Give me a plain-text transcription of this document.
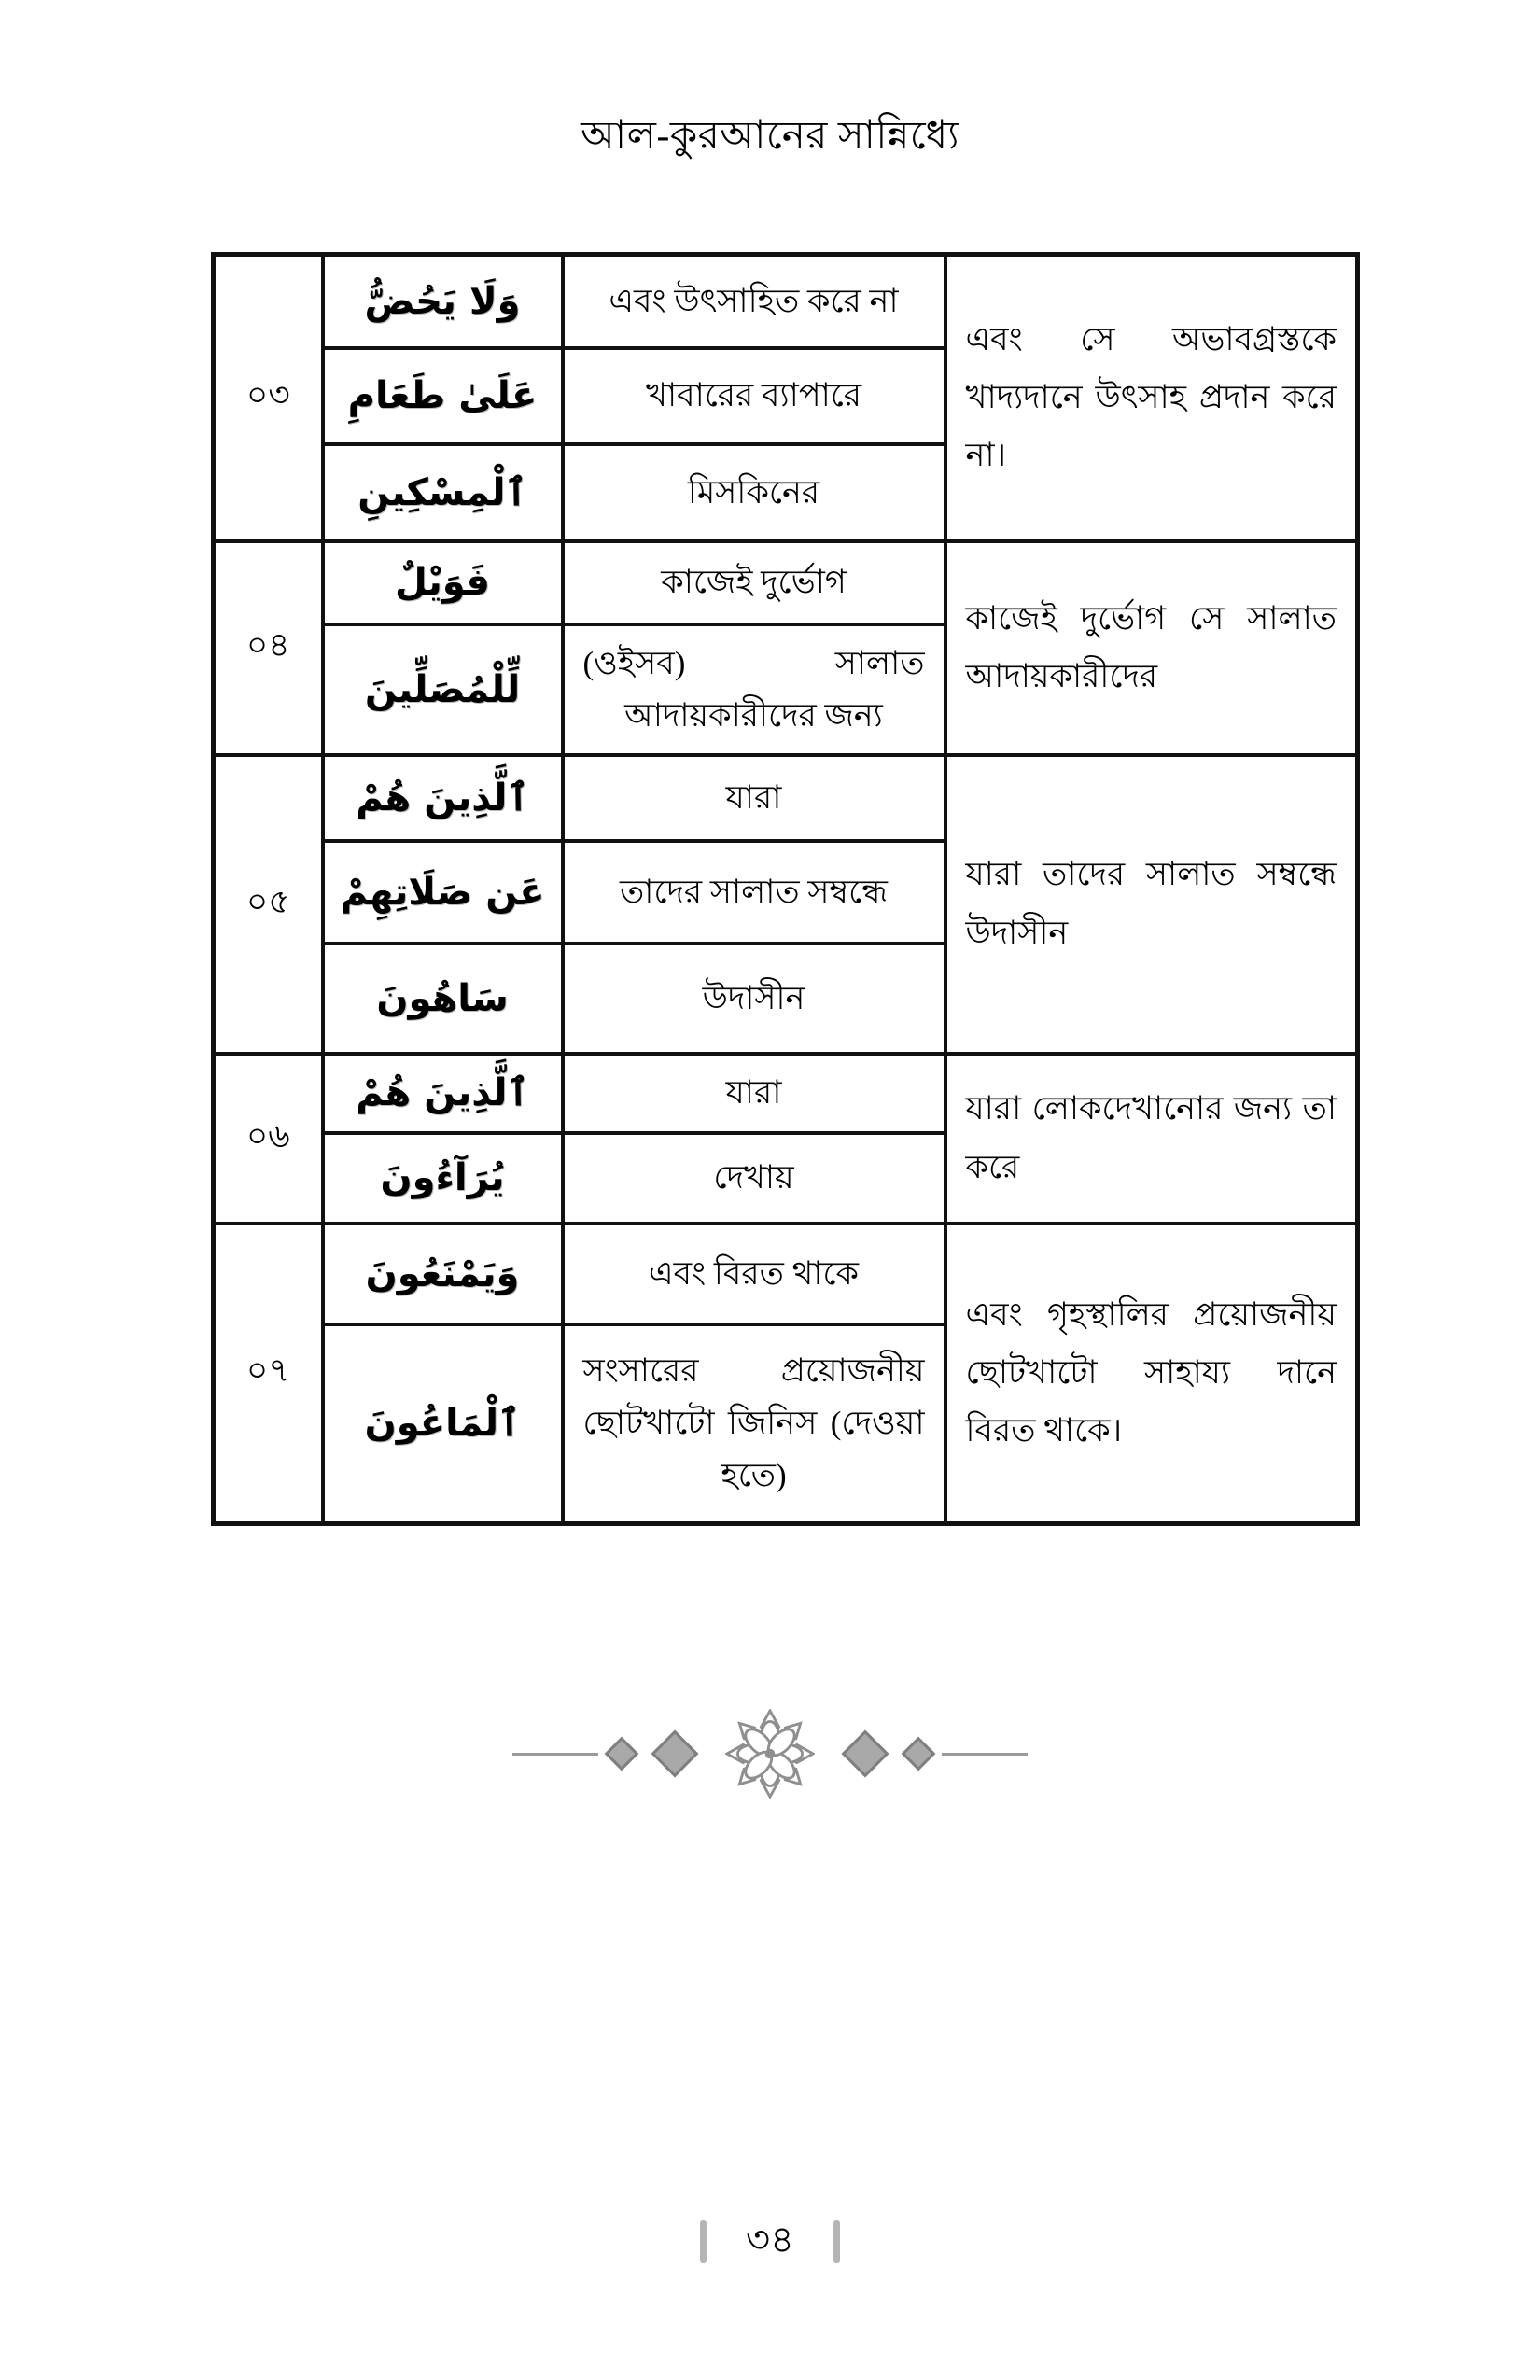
আল-কুরআনের সান্নিধ্যে
০৩	وَلَا يَحُضُّ	এবং উৎসাহিত করে না	এবং সে অভাবগ্রস্তকে খাদ্যদানে উৎসাহ প্রদান করে না।
	عَلَىٰ طَعَامِ	খাবারের ব্যাপারে	
	ٱلْمِسْكِينِ	মিসকিনের	
০৪	فَوَيْلٌ	কাজেই দুর্ভোগ	কাজেই দুর্ভোগ সে সালাত আদায়কারীদের
	لِّلْمُصَلِّينَ	(ওইসব) সালাত আদায়কারীদের জন্য	
০৫	ٱلَّذِينَ هُمْ	যারা	যারা তাদের সালাত সম্বন্ধে উদাসীন
	عَن صَلَاتِهِمْ	তাদের সালাত সম্বন্ধে	
	سَاهُونَ	উদাসীন	
০৬	ٱلَّذِينَ هُمْ	যারা	যারা লোকদেখানোর জন্য তা করে
	يُرَآءُونَ	দেখায়	
০৭	وَيَمْنَعُونَ	এবং বিরত থাকে	এবং গৃহস্থালির প্রয়োজনীয় ছোটখাটো সাহায্য দানে বিরত থাকে।
	ٱلْمَاعُونَ	সংসারের প্রয়োজনীয় ছোটখাটো জিনিস (দেওয়া হতে)	
৩৪
